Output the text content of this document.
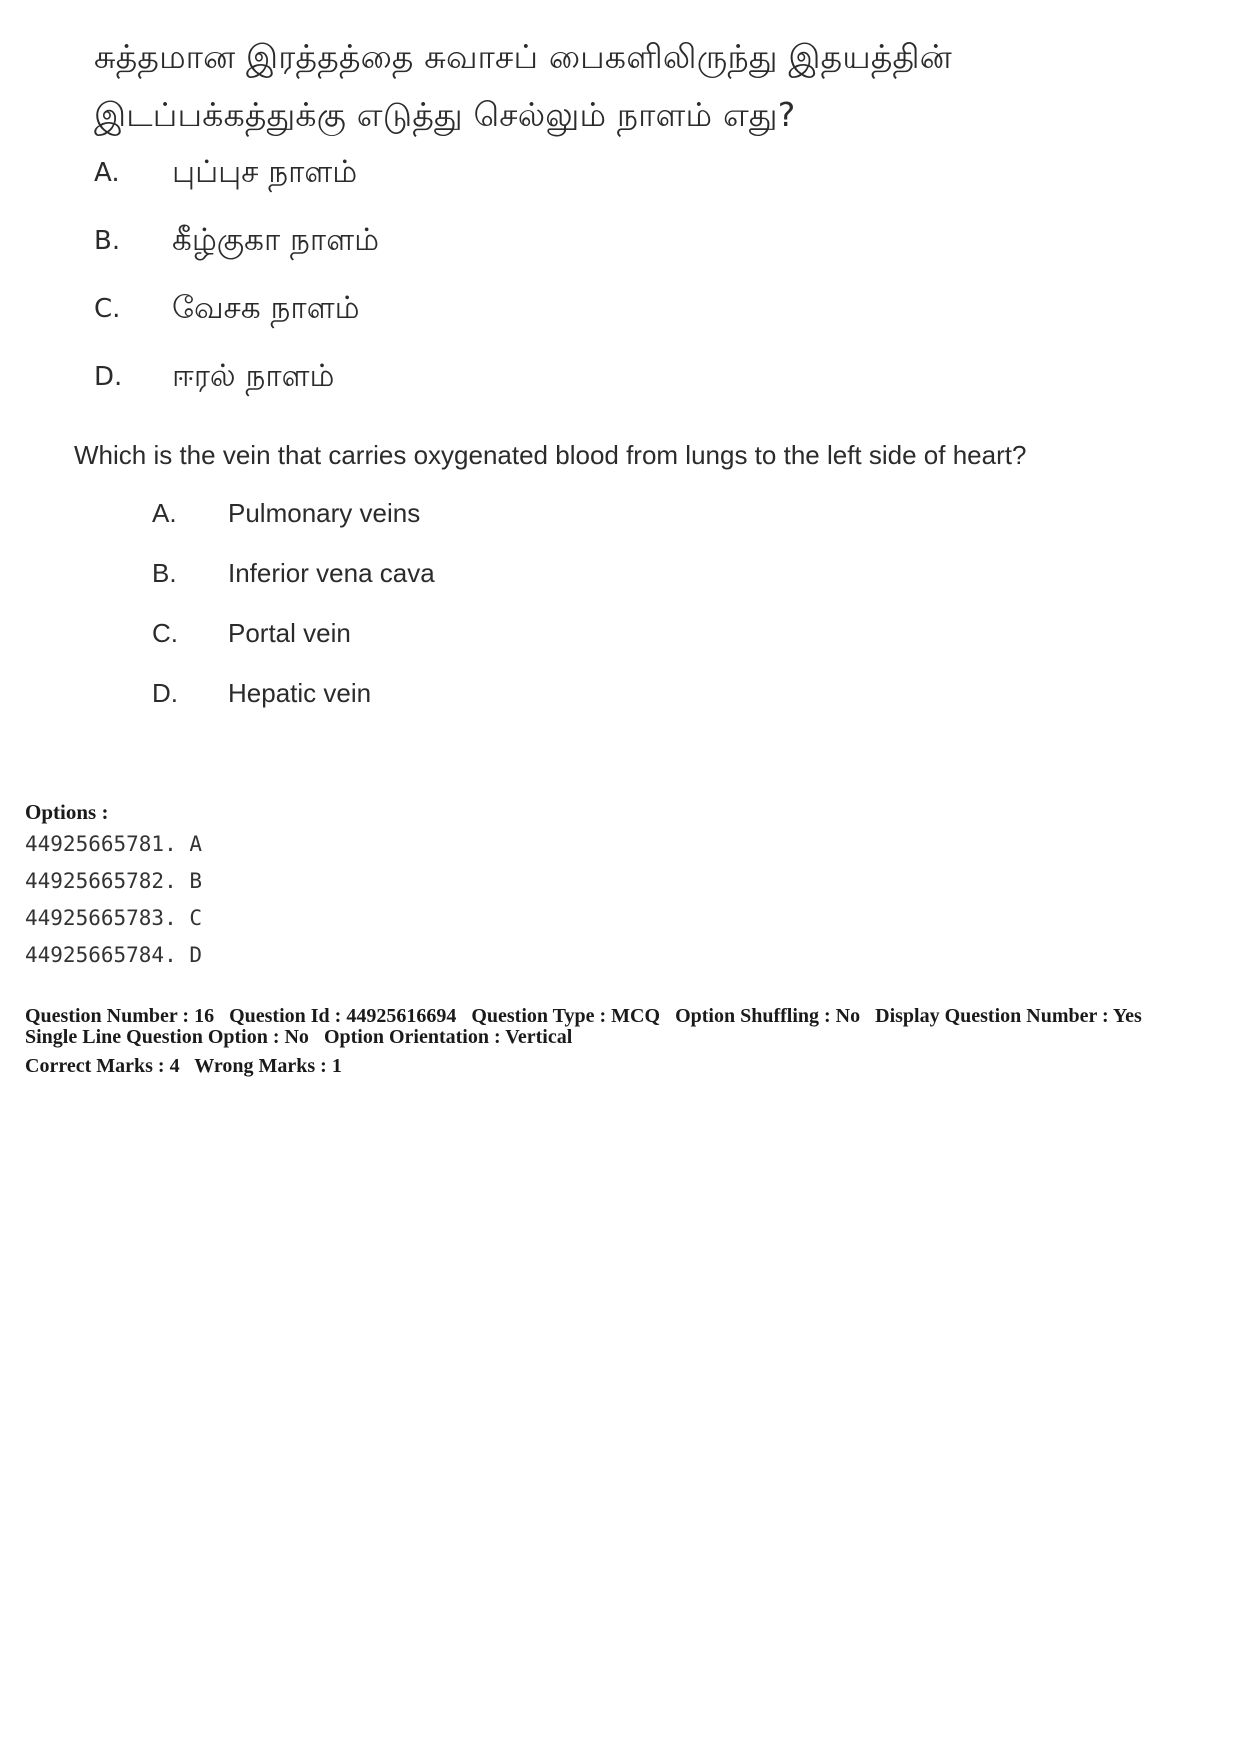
சுத்தமான இரத்தத்தை சுவாசப் பைகளிலிருந்து இதயத்தின்
இடப்பக்கத்துக்கு எடுத்து செல்லும் நாளம் எது?
A. புப்புச நாளம்
B. கீழ்குகா நாளம்
C. வேசக நாளம்
D. ஈரல் நாளம்
Which is the vein that carries oxygenated blood from lungs to the left side of heart?
A. Pulmonary veins
B. Inferior vena cava
C. Portal vein
D. Hepatic vein
Options :
44925665781. A
44925665782. B
44925665783. C
44925665784. D
Question Number : 16 Question Id : 44925616694 Question Type : MCQ Option Shuffling : No Display Question Number : Yes
Single Line Question Option : No Option Orientation : Vertical
Correct Marks : 4 Wrong Marks : 1
